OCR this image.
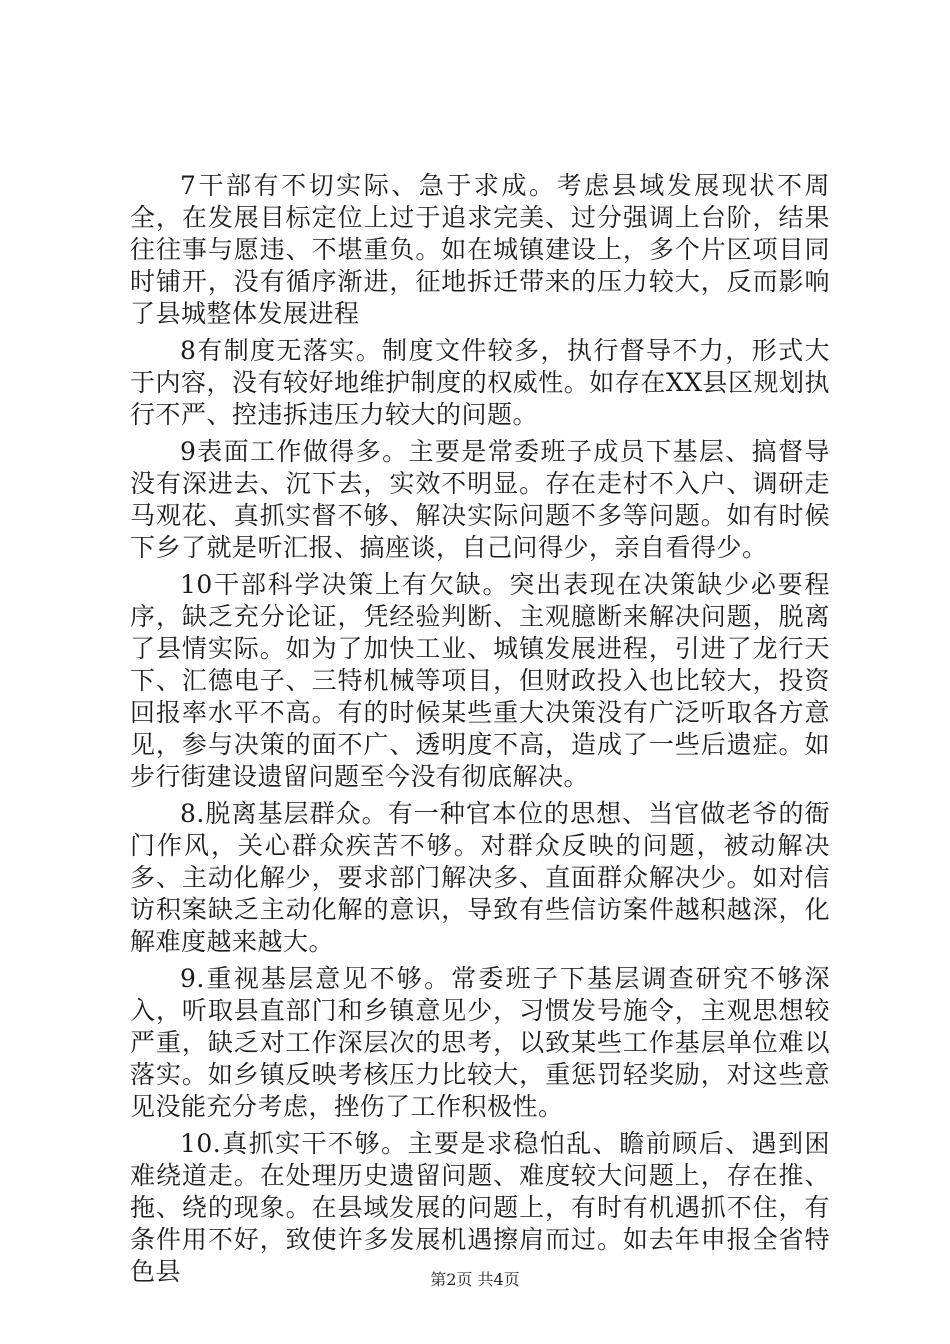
7干部有不切实际、急于求成。考虑县域发展现状不周全，在发展目标定位上过于追求完美、过分强调上台阶，结果往往事与愿违、不堪重负。如在城镇建设上，多个片区项目同时铺开，没有循序渐进，征地拆迁带来的压力较大，反而影响了县城整体发展进程

8有制度无落实。制度文件较多，执行督导不力，形式大于内容，没有较好地维护制度的权威性。如存在XX县区规划执行不严、控违拆违压力较大的问题。

9表面工作做得多。主要是常委班子成员下基层、搞督导没有深进去、沉下去，实效不明显。存在走村不入户、调研走马观花、真抓实督不够、解决实际问题不多等问题。如有时候下乡了就是听汇报、搞座谈，自己问得少，亲自看得少。

10干部科学决策上有欠缺。突出表现在决策缺少必要程序，缺乏充分论证，凭经验判断、主观臆断来解决问题，脱离了县情实际。如为了加快工业、城镇发展进程，引进了龙行天下、汇德电子、三特机械等项目，但财政投入也比较大，投资回报率水平不高。有的时候某些重大决策没有广泛听取各方意见，参与决策的面不广、透明度不高，造成了一些后遗症。如步行街建设遗留问题至今没有彻底解决。

8.脱离基层群众。有一种官本位的思想、当官做老爷的衙门作风，关心群众疾苦不够。对群众反映的问题，被动解决多、主动化解少，要求部门解决多、直面群众解决少。如对信访积案缺乏主动化解的意识，导致有些信访案件越积越深，化解难度越来越大。

9.重视基层意见不够。常委班子下基层调查研究不够深入，听取县直部门和乡镇意见少，习惯发号施令，主观思想较严重，缺乏对工作深层次的思考，以致某些工作基层单位难以落实。如乡镇反映考核压力比较大，重惩罚轻奖励，对这些意见没能充分考虑，挫伤了工作积极性。

10.真抓实干不够。主要是求稳怕乱、瞻前顾后、遇到困难绕道走。在处理历史遗留问题、难度较大问题上，存在推、拖、绕的现象。在县域发展的问题上，有时有机遇抓不住，有条件用不好，致使许多发展机遇擦肩而过。如去年申报全省特色县	第2页 共4页
